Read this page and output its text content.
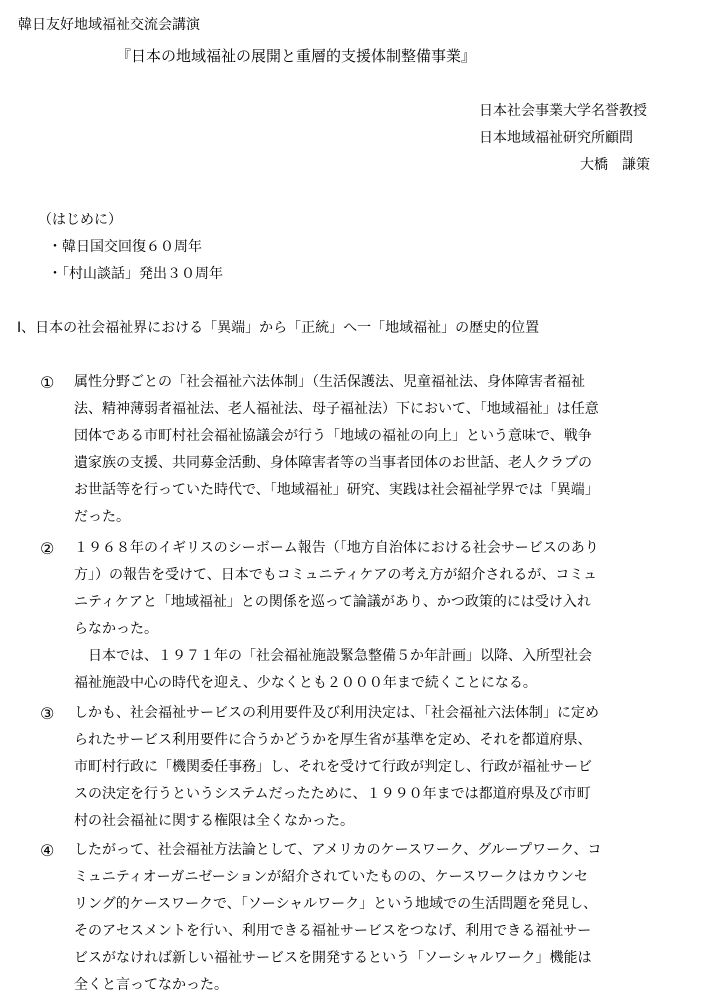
韓日友好地域福祉交流会講演
『日本の地域福祉の展開と重層的支援体制整備事業』
日本社会事業大学名誉教授
日本地域福祉研究所顧問
大橋　謙策
（はじめに）
・韓日国交回復６０周年
・「村山談話」発出３０周年
Ⅰ、日本の社会福祉界における「異端」から「正統」へ一「地域福祉」の歴史的位置
①	属性分野ごとの「社会福祉六法体制」（生活保護法、児童福祉法、身体障害者福祉
法、精神薄弱者福祉法、老人福祉法、母子福祉法）下において、「地域福祉」は任意
団体である市町村社会福祉協議会が行う「地域の福祉の向上」という意味で、戦争
遺家族の支援、共同募金活動、身体障害者等の当事者団体のお世話、老人クラブの
お世話等を行っていた時代で、「地域福祉」研究、実践は社会福祉学界では「異端」
だった。
②	１９６８年のイギリスのシーボーム報告（「地方自治体における社会サービスのあり
方」）の報告を受けて、日本でもコミュニティケアの考え方が紹介されるが、コミュ
ニティケアと「地域福祉」との関係を巡って論議があり、かつ政策的には受け入れ
らなかった。
　日本では、１９７１年の「社会福祉施設緊急整備５か年計画」以降、入所型社会
福祉施設中心の時代を迎え、少なくとも２０００年まで続くことになる。
③	しかも、社会福祉サービスの利用要件及び利用決定は、「社会福祉六法体制」に定め
られたサービス利用要件に合うかどうかを厚生省が基準を定め、それを都道府県、
市町村行政に「機関委任事務」し、それを受けて行政が判定し、行政が福祉サービ
スの決定を行うというシステムだったために、１９９０年までは都道府県及び市町
村の社会福祉に関する権限は全くなかった。
④	したがって、社会福祉方法論として、アメリカのケースワーク、グループワーク、コ
ミュニティオーガニゼーションが紹介されていたものの、ケースワークはカウンセ
リング的ケースワークで、「ソーシャルワーク」という地域での生活問題を発見し、
そのアセスメントを行い、利用できる福祉サービスをつなげ、利用できる福祉サー
ビスがなければ新しい福祉サービスを開発するという「ソーシャルワーク」機能は
全くと言ってなかった。
